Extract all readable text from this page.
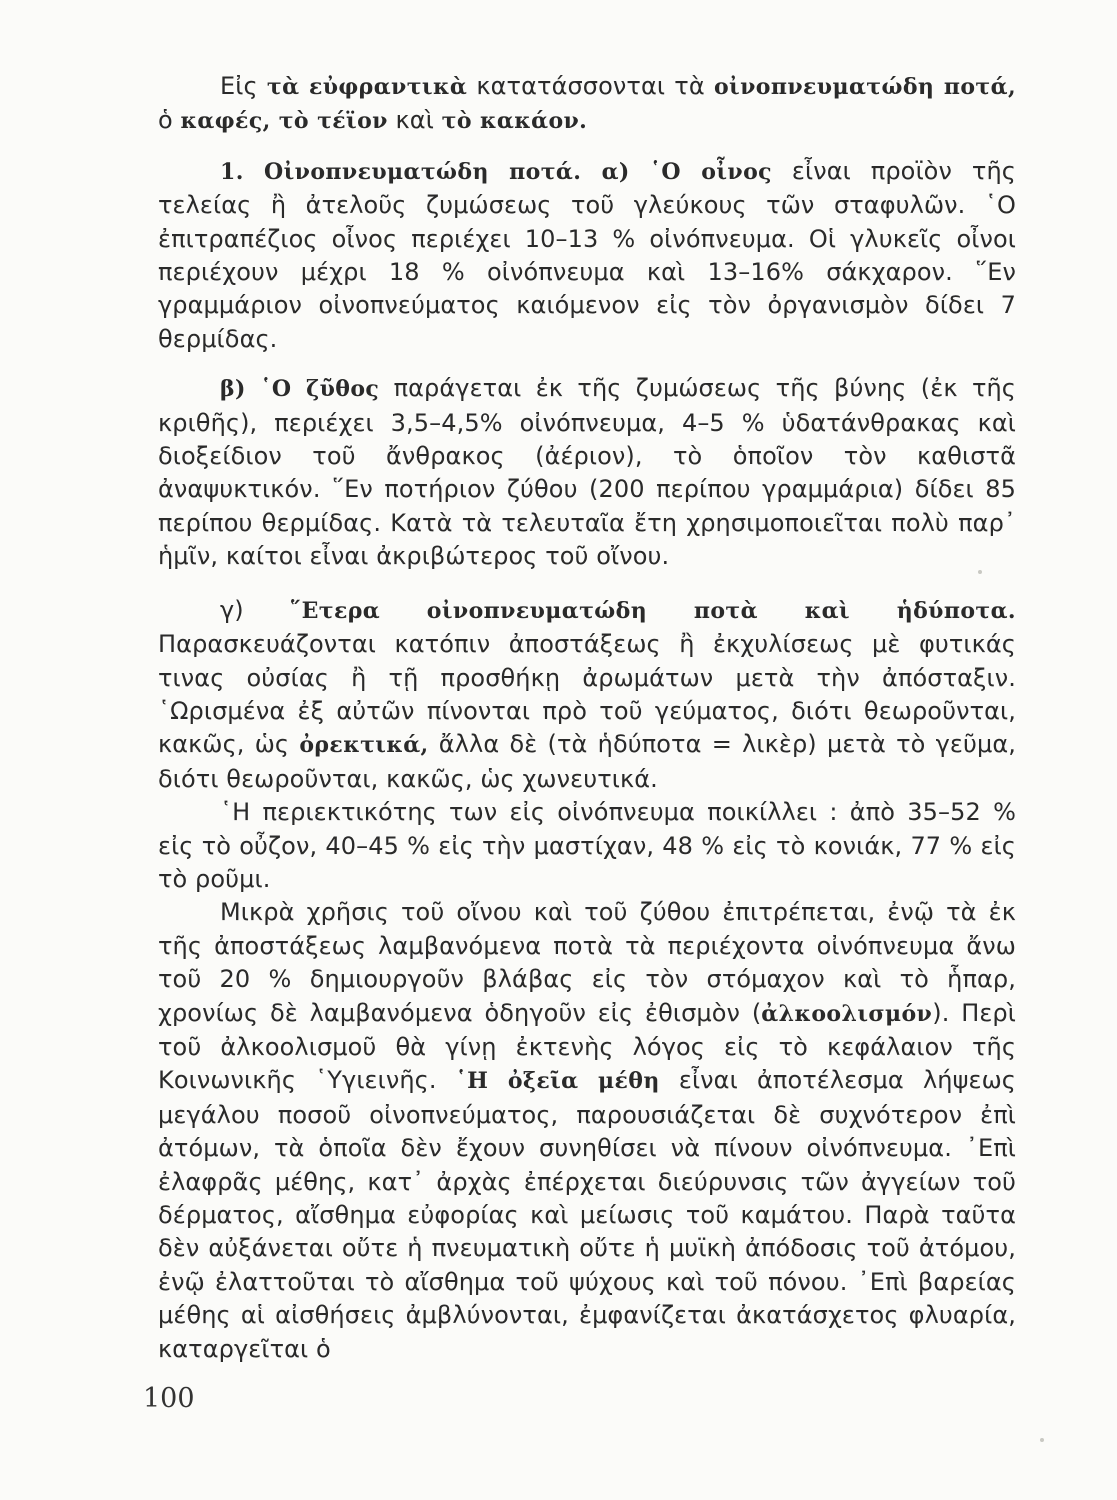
Εἰς τὰ εὐφραντικὰ κατατάσσονται τὰ οἰνοπνευματώδη ποτά, ὁ καφές, τὸ τέϊον καὶ τὸ κακάον.

1. Οἰνοπνευματώδη ποτά. α) ῾Ο οἶνος εἶναι προϊὸν τῆς τελείας ἢ ἀτελοῦς ζυμώσεως τοῦ γλεύκους τῶν σταφυλῶν. ῾Ο ἐπιτραπέζιος οἶνος περιέχει 10–13 % οἰνόπνευμα. Οἱ γλυκεῖς οἶνοι περιέχουν μέχρι 18 % οἰνόπνευμα καὶ 13–16% σάκχαρον. ῞Εν γραμμάριον οἰνοπνεύματος καιόμενον εἰς τὸν ὀργανισμὸν δίδει 7 θερμίδας.

β) ῾Ο ζῦθος παράγεται ἐκ τῆς ζυμώσεως τῆς βύνης (ἐκ τῆς κριθῆς), περιέχει 3,5–4,5% οἰνόπνευμα, 4–5 % ὑδατάνθρακας καὶ διοξείδιον τοῦ ἄνθρακος (ἀέριον), τὸ ὁποῖον τὸν καθιστᾶ ἀναψυκτικόν. ῞Εν ποτήριον ζύθου (200 περίπου γραμμάρια) δίδει 85 περίπου θερμίδας. Κατὰ τὰ τελευταῖα ἔτη χρησιμοποιεῖται πολὺ παρ᾽ ἡμῖν, καίτοι εἶναι ἀκριβώτερος τοῦ οἴνου.

γ) ῞Ετερα οἰνοπνευματώδη ποτὰ καὶ ἡδύποτα. Παρασκευάζονται κατόπιν ἀποστάξεως ἢ ἐκχυλίσεως μὲ φυτικάς τινας οὐσίας ἢ τῇ προσθήκῃ ἀρωμάτων μετὰ τὴν ἀπόσταξιν. ῾Ωρισμένα ἐξ αὐτῶν πίνονται πρὸ τοῦ γεύματος, διότι θεωροῦνται, κακῶς, ὡς ὀρεκτικά, ἄλλα δὲ (τὰ ἡδύποτα = λικὲρ) μετὰ τὸ γεῦμα, διότι θεωροῦνται, κακῶς, ὡς χωνευτικά.

῾Η περιεκτικότης των εἰς οἰνόπνευμα ποικίλλει : ἀπὸ 35–52 % εἰς τὸ οὖζον, 40–45 % εἰς τὴν μαστίχαν, 48 % εἰς τὸ κονιάκ, 77 % εἰς τὸ ροῦμι.

Μικρὰ χρῆσις τοῦ οἴνου καὶ τοῦ ζύθου ἐπιτρέπεται, ἐνῷ τὰ ἐκ τῆς ἀποστάξεως λαμβανόμενα ποτὰ τὰ περιέχοντα οἰνόπνευμα ἄνω τοῦ 20 % δημιουργοῦν βλάβας εἰς τὸν στόμαχον καὶ τὸ ἧπαρ, χρονίως δὲ λαμβανόμενα ὁδηγοῦν εἰς ἐθισμὸν (ἀλκοολισμόν). Περὶ τοῦ ἀλκοολισμοῦ θὰ γίνῃ ἐκτενὴς λόγος εἰς τὸ κεφάλαιον τῆς Κοινωνικῆς ῾Υγιεινῆς. ῾Η ὀξεῖα μέθη εἶναι ἀποτέλεσμα λήψεως μεγάλου ποσοῦ οἰνοπνεύματος, παρουσιάζεται δὲ συχνότερον ἐπὶ ἀτόμων, τὰ ὁποῖα δὲν ἔχουν συνηθίσει νὰ πίνουν οἰνόπνευμα. ᾿Επὶ ἐλαφρᾶς μέθης, κατ᾽ ἀρχὰς ἐπέρχεται διεύρυνσις τῶν ἀγγείων τοῦ δέρματος, αἴσθημα εὐφορίας καὶ μείωσις τοῦ καμάτου. Παρὰ ταῦτα δὲν αὐξάνεται οὔτε ἡ πνευματικὴ οὔτε ἡ μυϊκὴ ἀπόδοσις τοῦ ἀτόμου, ἐνῷ ἐλαττοῦται τὸ αἴσθημα τοῦ ψύχους καὶ τοῦ πόνου. ᾿Επὶ βαρείας μέθης αἱ αἰσθήσεις ἀμβλύνονται, ἐμφανίζεται ἀκατάσχετος φλυαρία, καταργεῖται ὁ

100
